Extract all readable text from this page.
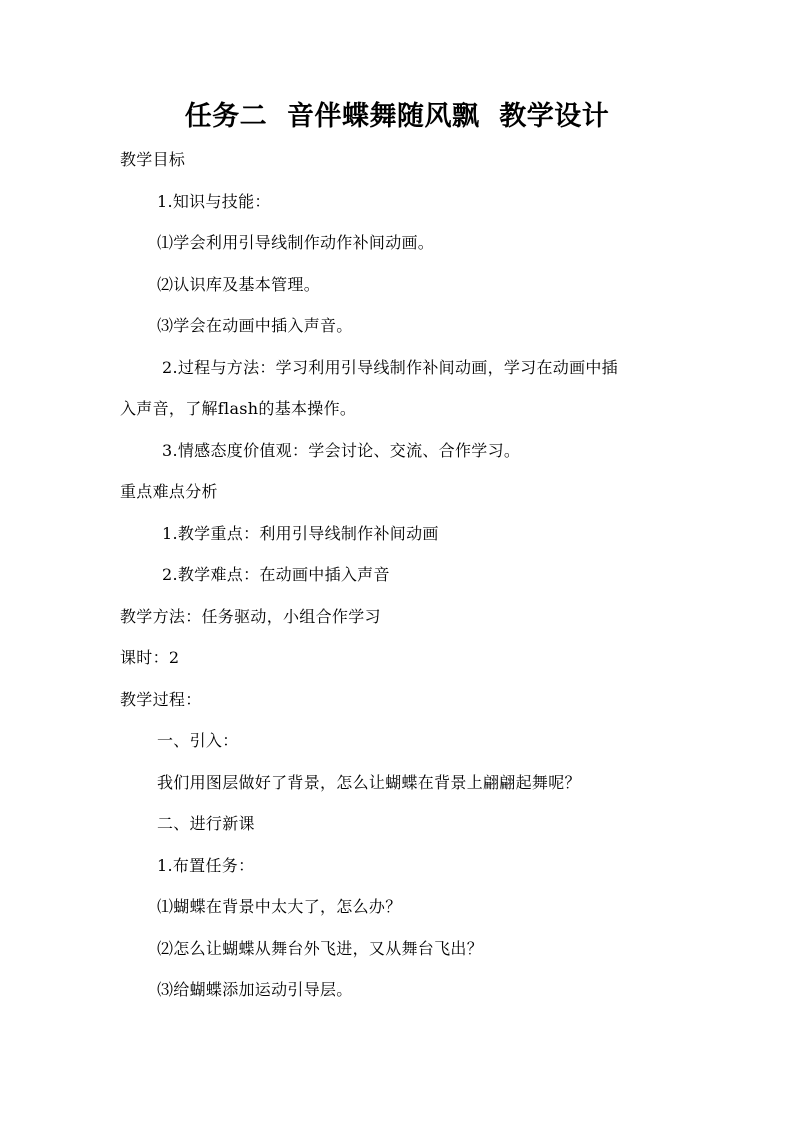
任务二  音伴蝶舞随风飘  教学设计
教学目标
1.知识与技能：
⑴学会利用引导线制作动作补间动画。
⑵认识库及基本管理。
⑶学会在动画中插入声音。
2.过程与方法：学习利用引导线制作补间动画，学习在动画中插
入声音，了解flash的基本操作。
3.情感态度价值观：学会讨论、交流、合作学习。
重点难点分析
1.教学重点：利用引导线制作补间动画
2.教学难点：在动画中插入声音
教学方法：任务驱动，小组合作学习
课时：2
教学过程：
一、引入：
我们用图层做好了背景，怎么让蝴蝶在背景上翩翩起舞呢？
二、进行新课
1.布置任务：
⑴蝴蝶在背景中太大了，怎么办？
⑵怎么让蝴蝶从舞台外飞进，又从舞台飞出？
⑶给蝴蝶添加运动引导层。
